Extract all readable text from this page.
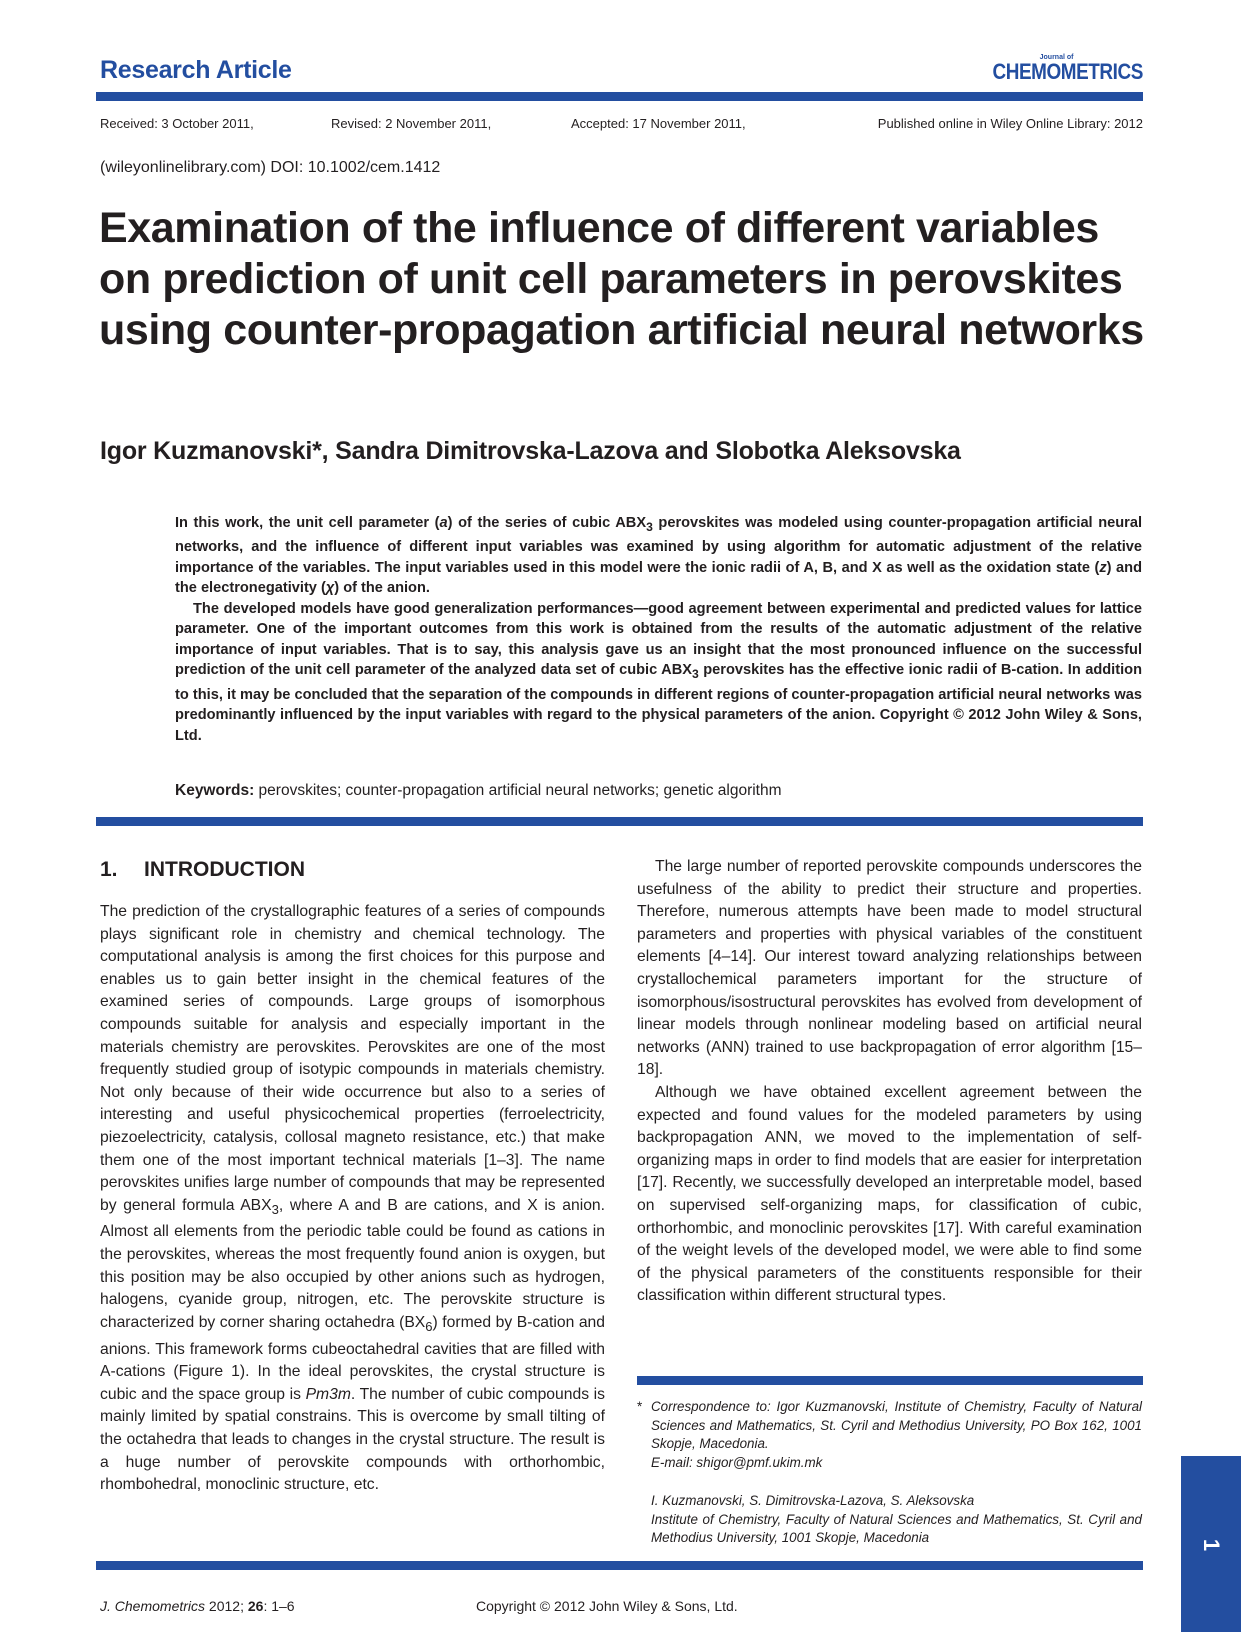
Research Article	Journal of
CHEMOMETRICS
Received: 3 October 2011,	Revised: 2 November 2011,	Accepted: 17 November 2011,	Published online in Wiley Online Library: 2012
(wileyonlinelibrary.com) DOI: 10.1002/cem.1412
Examination of the influence of different variables on prediction of unit cell parameters in perovskites using counter-propagation artificial neural networks
Igor Kuzmanovski*, Sandra Dimitrovska-Lazova and Slobotka Aleksovska

In this work, the unit cell parameter (a) of the series of cubic $ABX_3$ perovskites was modeled using counter-propagation artificial neural networks, and the influence of different input variables was examined by using algorithm for automatic adjustment of the relative importance of the variables. The input variables used in this model were the ionic radii of A, B, and X as well as the oxidation state (z) and the electronegativity (χ) of the anion.

The developed models have good generalization performances—good agreement between experimental and predicted values for lattice parameter. One of the important outcomes from this work is obtained from the results of the automatic adjustment of the relative importance of input variables. That is to say, this analysis gave us an insight that the most pronounced influence on the successful prediction of the unit cell parameter of the analyzed data set of cubic $ABX_3$ perovskites has the effective ionic radii of B-cation. In addition to this, it may be concluded that the separation of the compounds in different regions of counter-propagation artificial neural networks was predominantly influenced by the input variables with regard to the physical parameters of the anion. Copyright © 2012 John Wiley & Sons, Ltd.

Keywords: perovskites; counter-propagation artificial neural networks; genetic algorithm
1. INTRODUCTION

The prediction of the crystallographic features of a series of compounds plays significant role in chemistry and chemical technology. The computational analysis is among the first choices for this purpose and enables us to gain better insight in the chemical features of the examined series of compounds. Large groups of isomorphous compounds suitable for analysis and especially important in the materials chemistry are perovskites. Perovskites are one of the most frequently studied group of isotypic compounds in materials chemistry. Not only because of their wide occurrence but also to a series of interesting and useful physicochemical properties (ferroelectricity, piezoelectricity, catalysis, collosal magneto resistance, etc.) that make them one of the most important technical materials [1–3]. The name perovskites unifies large number of compounds that may be represented by general formula $ABX_3$, where A and B are cations, and X is anion. Almost all elements from the periodic table could be found as cations in the perovskites, whereas the most frequently found anion is oxygen, but this position may be also occupied by other anions such as hydrogen, halogens, cyanide group, nitrogen, etc. The perovskite structure is characterized by corner sharing octahedra $(BX_6)$ formed by B-cation and anions. This framework forms cubeoctahedral cavities that are filled with A-cations (Figure 1). In the ideal perovskites, the crystal structure is cubic and the space group is Pm3m. The number of cubic compounds is mainly limited by spatial constrains. This is overcome by small tilting of the octahedra that leads to changes in the crystal structure. The result is a huge number of perovskite compounds with orthorhombic, rhombohedral, monoclinic structure, etc.

The large number of reported perovskite compounds underscores the usefulness of the ability to predict their structure and properties. Therefore, numerous attempts have been made to model structural parameters and properties with physical variables of the constituent elements [4–14]. Our interest toward analyzing relationships between crystallochemical parameters important for the structure of isomorphous/isostructural perovskites has evolved from development of linear models through nonlinear modeling based on artificial neural networks (ANN) trained to use backpropagation of error algorithm [15–18].

Although we have obtained excellent agreement between the expected and found values for the modeled parameters by using backpropagation ANN, we moved to the implementation of self-organizing maps in order to find models that are easier for interpretation [17]. Recently, we successfully developed an interpretable model, based on supervised self-organizing maps, for classification of cubic, orthorhombic, and monoclinic perovskites [17]. With careful examination of the weight levels of the developed model, we were able to find some of the physical parameters of the constituents responsible for their classification within different structural types.

* Correspondence to: Igor Kuzmanovski, Institute of Chemistry, Faculty of Natural Sciences and Mathematics, St. Cyril and Methodius University, PO Box 162, 1001 Skopje, Macedonia.
E-mail: shigor@pmf.ukim.mk
I. Kuzmanovski, S. Dimitrovska-Lazova, S. Aleksovska
Institute of Chemistry, Faculty of Natural Sciences and Mathematics, St. Cyril and Methodius University, 1001 Skopje, Macedonia
J. Chemometrics 2012; 26: 1–6	Copyright © 2012 John Wiley & Sons, Ltd.
1
